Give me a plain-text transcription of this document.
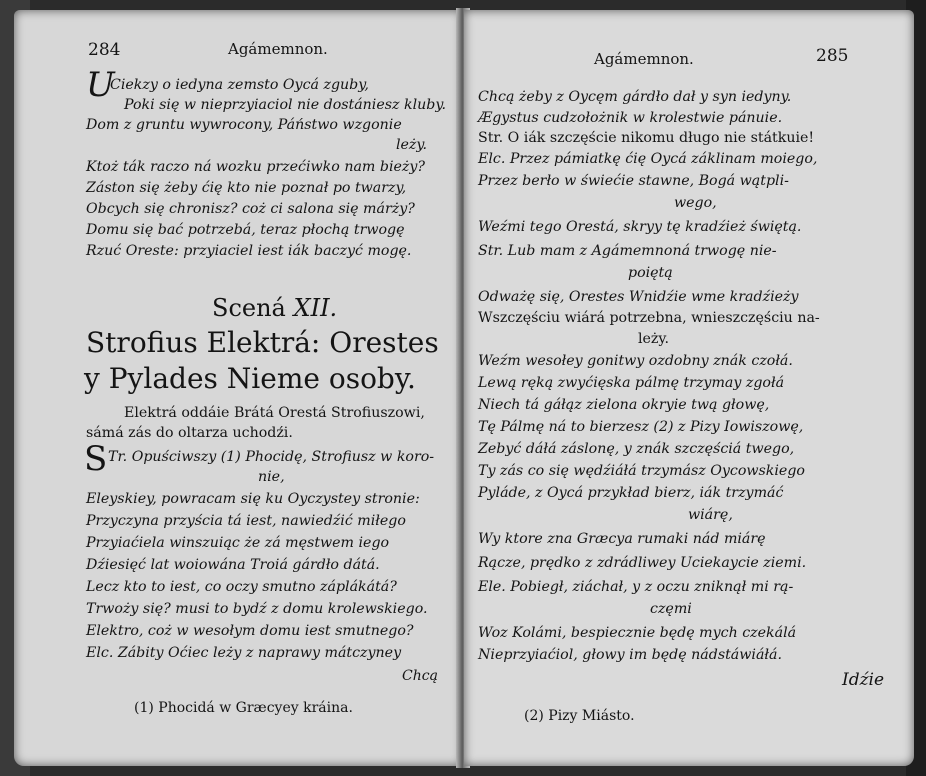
284	Agámemnon.
U
Ciekzy o iedyna zemsto Oycá zguby,
Poki się w nieprzyiaciol nie dostániesz kluby.
Dom z gruntu wywrocony, Páństwo wzgonie
leży.
Ktoż ták raczo ná wozku przećiwko nam bieży?
Záston się żeby ćię kto nie poznał po twarzy,
Obcych się chronisz? coż ci salona się márży?
Domu się bać potrzebá, teraz płochą trwogę
Rzuć Oreste: przyiaciel iest iák baczyć mogę.
Scená XII.
Strofius Elektrá: Orestes
y Pylades Nieme osoby.
Elektrá oddáie Brátá Orestá Strofiuszowi,
sámá zás do oltarza uchodźi.
S Tr. Opuściwszy (1) Phocidę, Strofiusz w koro-
nie,
Eleyskiey, powracam się ku Oyczystey stronie:
Przyczyna przyścia tá iest, nawiedźić miłego
Przyiaćiela winszuiąc że zá męstwem iego
Dźiesięć lat woiowána Troiá gárdło dátá.
Lecz kto to iest, co oczy smutno záplákátá?
Trwoży się? musi to bydź z domu krolewskiego.
Elektro, coż w wesołym domu iest smutnego?
Elc. Zábity Oćiec leży z naprawy mátczyney
Chcą
(1) Phocidá w Græcyey kráina.
Agámemnon.	285
Chcą żeby z Oycęm gárdło dał y syn iedyny.
Ægystus cudzołożnik w krolestwie pánuie.
Str. O iák szczęście nikomu długo nie státkuie!
Elc. Przez pámiatkę ćię Oycá záklinam moiego,
Przez berło w świećie stawne, Bogá wątpli-
wego,
Weźmi tego Orestá, skryy tę kradźież świętą.
Str. Lub mam z Agámemnoná trwogę nie-
poiętą
Odważę się, Orestes Wnidźie wme kradźieży
Wszczęściu wiárá potrzebna, wnieszczęściu na-
leży.
Weźm wesołey gonitwy ozdobny znák czołá.
Lewą ręką zwyćięska pálmę trzymay zgołá
Niech tá gáłąz zielona okryie twą głowę,
Tę Pálmę ná to bierzesz (2) z Pizy Iowiszowę,
Zebyć dáłá záslonę, y znák szczęściá twego,
Ty zás co się wędźiáłá trzymász Oycowskiego
Pyláde, z Oycá przykład bierz, iák trzymáć
wiárę,
Wy ktore zna Græcya rumaki nád miárę
Rącze, prędko z zdrádliwey Uciekaycie ziemi.
Ele. Pobiegł, ziáchał, y z oczu zniknął mi rą-
częmi
Woz Kolámi, bespiecznie będę mych czekálá
Nieprzyiaćiol, głowy im będę nádstáwiáłá.
Idźie
(2) Pizy Miásto.
